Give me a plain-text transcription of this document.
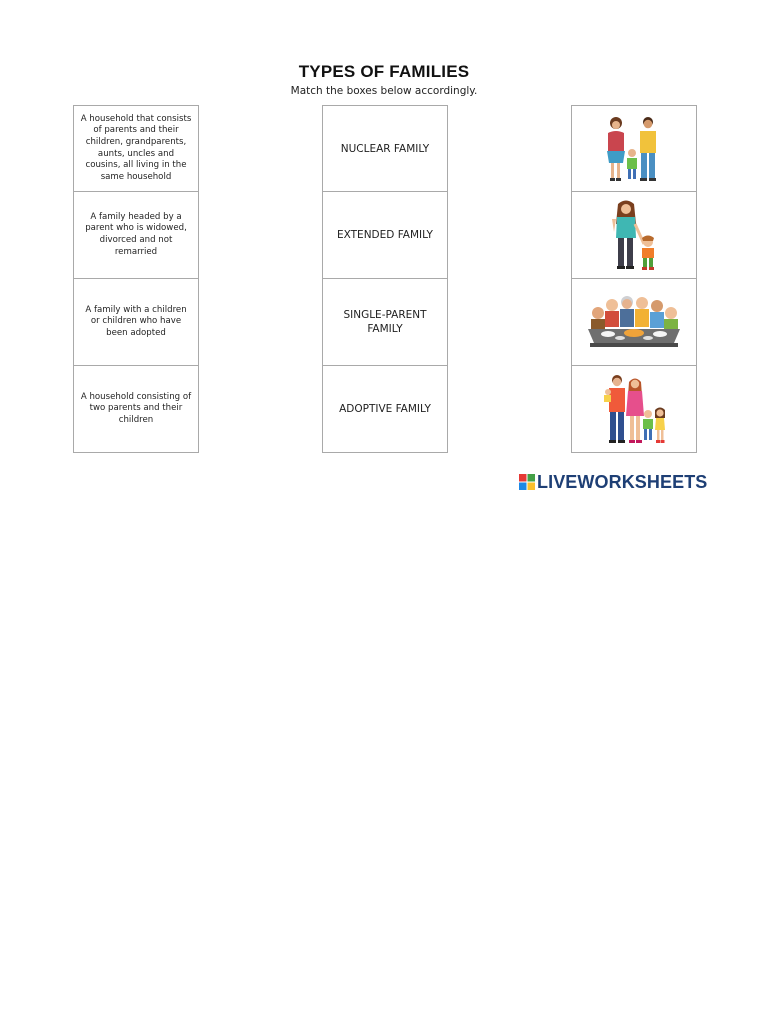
TYPES OF FAMILIES
Match the boxes below accordingly.
A household that consists of parents and their children, grandparents, aunts, uncles and cousins, all living in the same household
A family headed by a parent who is widowed, divorced and not remarried
A family with a children or children who have been adopted
A household consisting of two parents and their children
NUCLEAR FAMILY
EXTENDED FAMILY
SINGLE-PARENT FAMILY
ADOPTIVE FAMILY
LIVEWORKSHEETS
